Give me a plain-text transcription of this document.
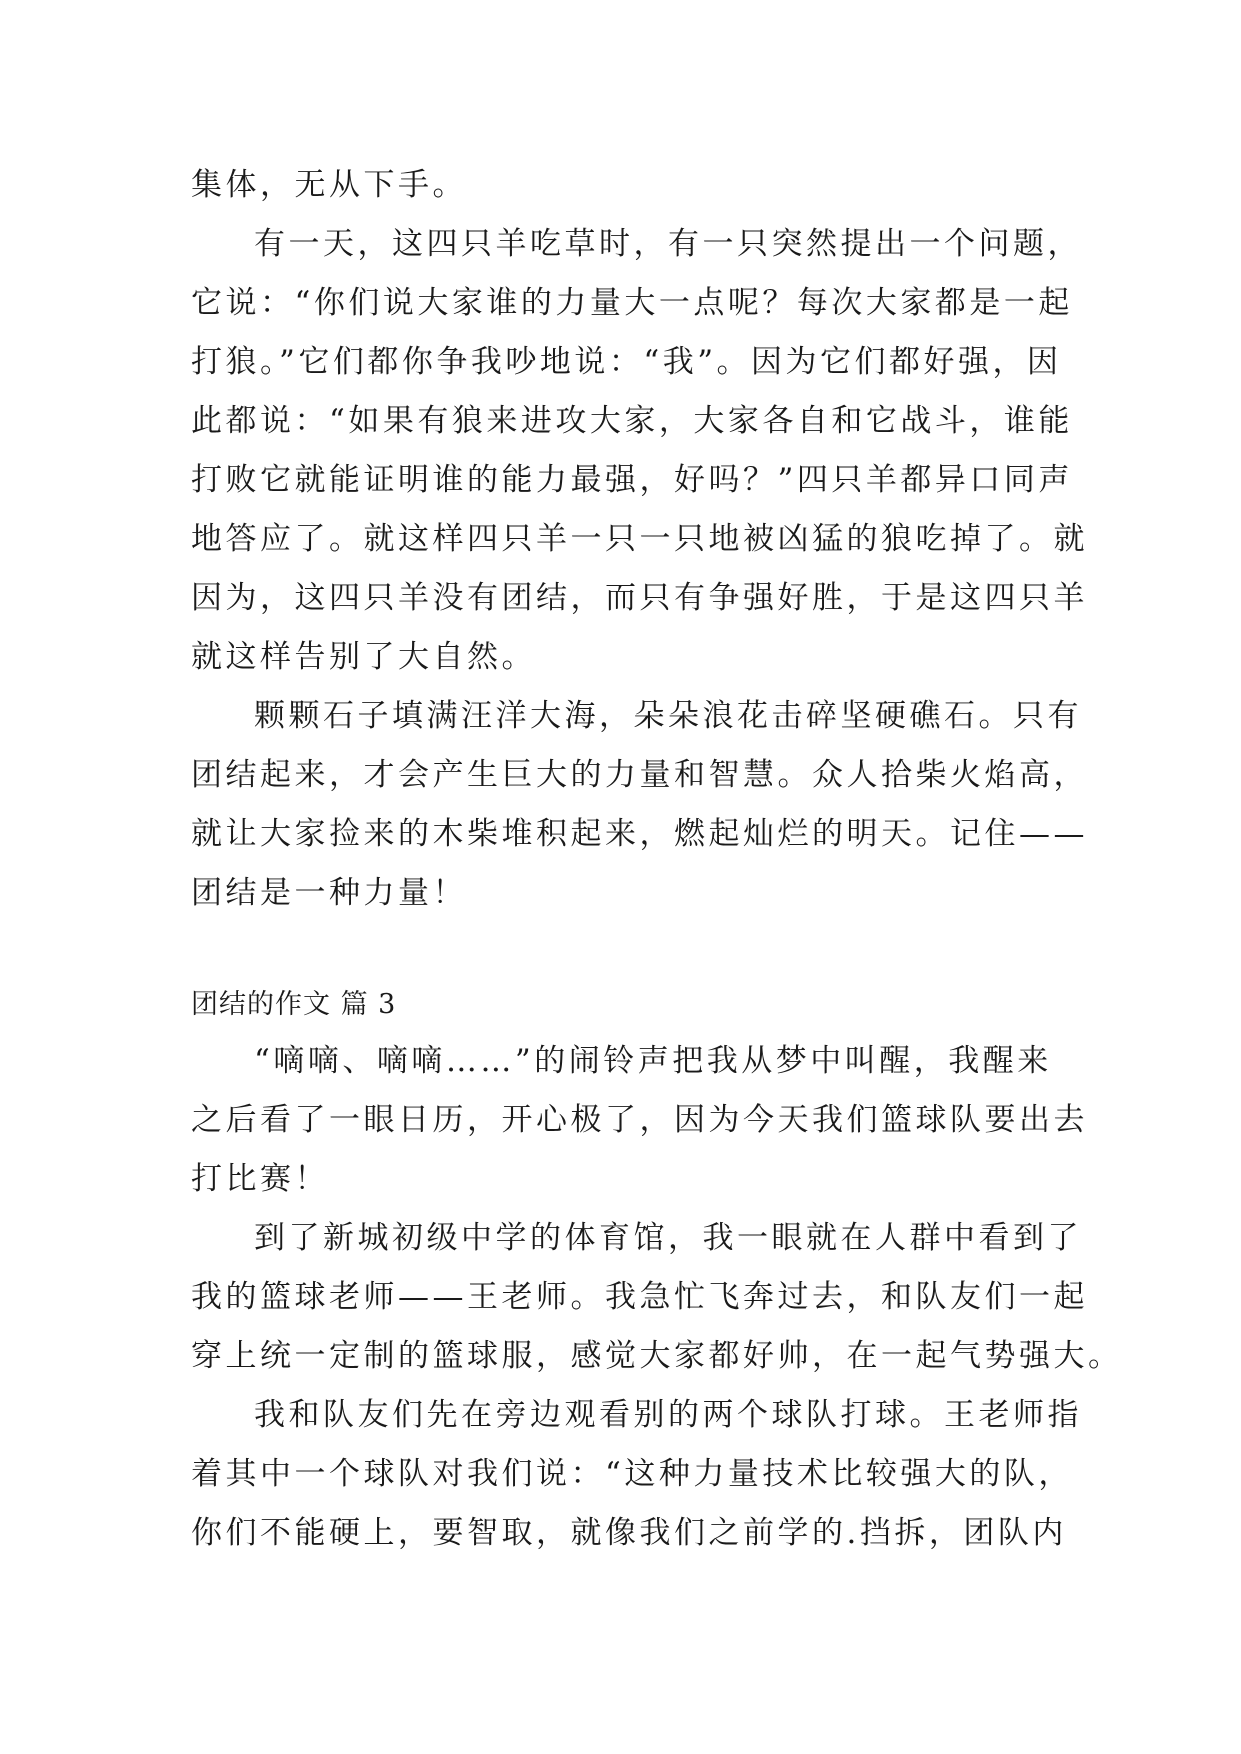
集体，无从下手。
有一天，这四只羊吃草时，有一只突然提出一个问题，
它说：“你们说大家谁的力量大一点呢？每次大家都是一起
打狼。”它们都你争我吵地说：“我”。因为它们都好强，因
此都说：“如果有狼来进攻大家，大家各自和它战斗，谁能
打败它就能证明谁的能力最强，好吗？”四只羊都异口同声
地答应了。就这样四只羊一只一只地被凶猛的狼吃掉了。就
因为，这四只羊没有团结，而只有争强好胜，于是这四只羊
就这样告别了大自然。
颗颗石子填满汪洋大海，朵朵浪花击碎坚硬礁石。只有
团结起来，才会产生巨大的力量和智慧。众人拾柴火焰高，
就让大家捡来的木柴堆积起来，燃起灿烂的明天。记住——
团结是一种力量！
团结的作文 篇 3
“嘀嘀、嘀嘀……”的闹铃声把我从梦中叫醒，我醒来
之后看了一眼日历，开心极了，因为今天我们篮球队要出去
打比赛！
到了新城初级中学的体育馆，我一眼就在人群中看到了
我的篮球老师——王老师。我急忙飞奔过去，和队友们一起
穿上统一定制的篮球服，感觉大家都好帅，在一起气势强大。
我和队友们先在旁边观看别的两个球队打球。王老师指
着其中一个球队对我们说：“这种力量技术比较强大的队，
你们不能硬上，要智取，就像我们之前学的.挡拆，团队内
